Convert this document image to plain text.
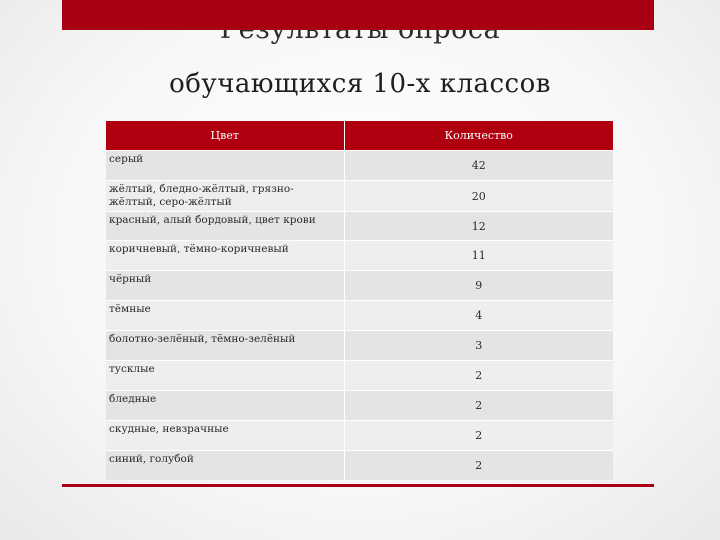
обучающихся 10-х классов
Цвет	Количество
серый	42
жёлтый, бледно-жёлтый, грязно-жёлтый, серо-жёлтый	20
красный, алый бордовый, цвет крови	12
коричневый, тёмно-коричневый	11
чёрный	9
тёмные	4
болотно-зелёный, тёмно-зелёный	3
тусклые	2
бледные	2
скудные, невзрачные	2
синий, голубой	2
